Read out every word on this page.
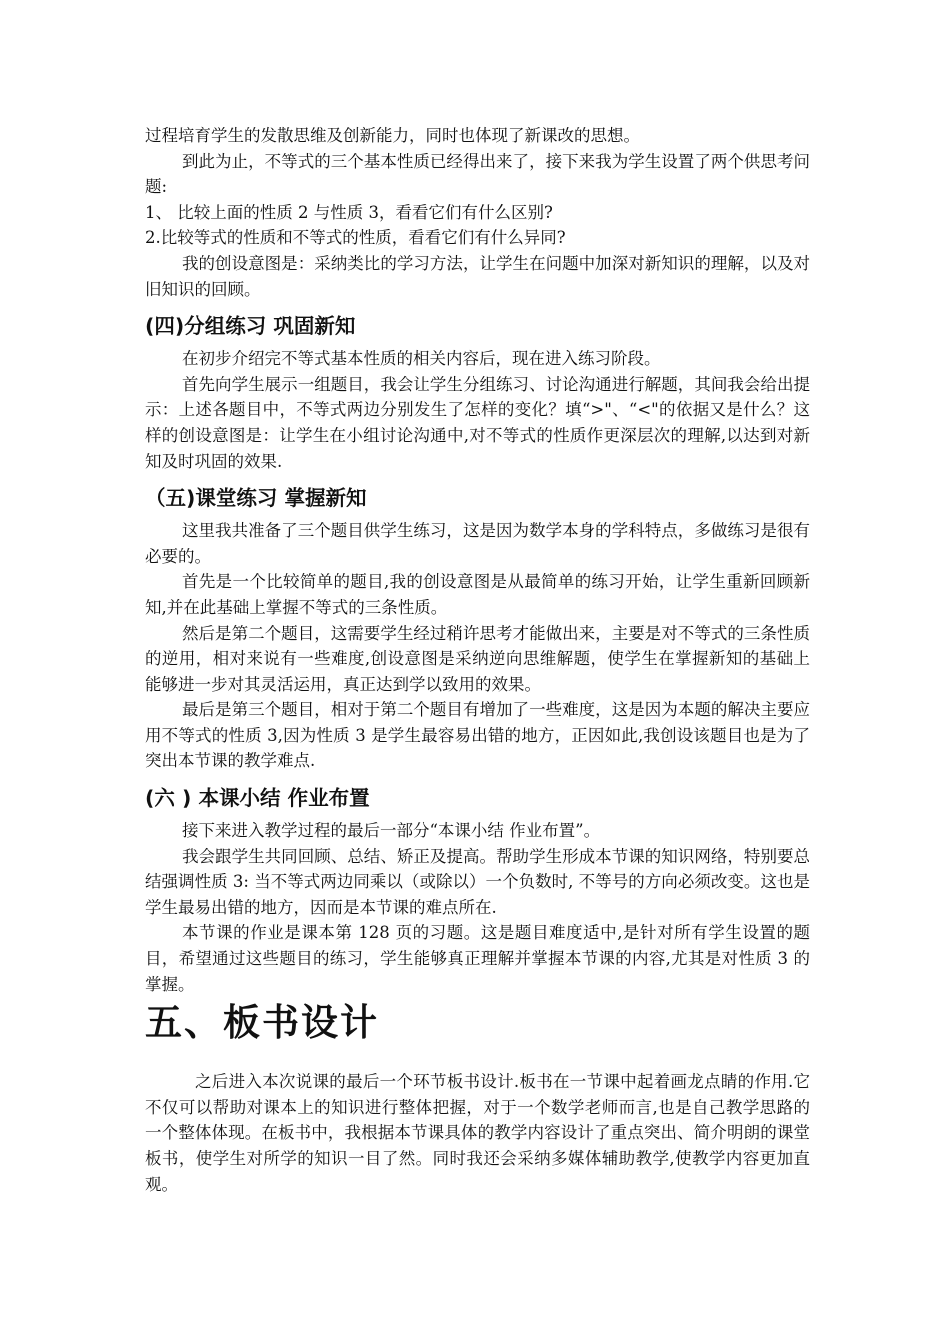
过程培育学生的发散思维及创新能力，同时也体现了新课改的思想。

到此为止，不等式的三个基本性质已经得出来了，接下来我为学生设置了两个供思考问题:

1、 比较上面的性质 2 与性质 3，看看它们有什么区别?

2.比较等式的性质和不等式的性质，看看它们有什么异同?

我的创设意图是：采纳类比的学习方法，让学生在问题中加深对新知识的理解，以及对旧知识的回顾。

(四)分组练习 巩固新知

在初步介绍完不等式基本性质的相关内容后，现在进入练习阶段。

首先向学生展示一组题目，我会让学生分组练习、讨论沟通进行解题，其间我会给出提示：上述各题目中，不等式两边分别发生了怎样的变化？填“>"、“<"的依据又是什么？这样的创设意图是：让学生在小组讨论沟通中,对不等式的性质作更深层次的理解,以达到对新知及时巩固的效果.

（五)课堂练习 掌握新知

这里我共准备了三个题目供学生练习，这是因为数学本身的学科特点，多做练习是很有必要的。

首先是一个比较简单的题目,我的创设意图是从最简单的练习开始，让学生重新回顾新知,并在此基础上掌握不等式的三条性质。

然后是第二个题目，这需要学生经过稍许思考才能做出来，主要是对不等式的三条性质的逆用，相对来说有一些难度,创设意图是采纳逆向思维解题，使学生在掌握新知的基础上能够进一步对其灵活运用，真正达到学以致用的效果。

最后是第三个题目，相对于第二个题目有增加了一些难度，这是因为本题的解决主要应用不等式的性质 3,因为性质 3 是学生最容易出错的地方，正因如此,我创设该题目也是为了突出本节课的教学难点.

(六 ) 本课小结 作业布置

接下来进入教学过程的最后一部分“本课小结 作业布置”。

我会跟学生共同回顾、总结、矫正及提高。帮助学生形成本节课的知识网络，特别要总结强调性质 3: 当不等式两边同乘以（或除以）一个负数时, 不等号的方向必须改变。这也是学生最易出错的地方，因而是本节课的难点所在.

本节课的作业是课本第 128 页的习题。这是题目难度适中,是针对所有学生设置的题目，希望通过这些题目的练习，学生能够真正理解并掌握本节课的内容,尤其是对性质 3 的掌握。

五、板书设计

之后进入本次说课的最后一个环节板书设计.板书在一节课中起着画龙点睛的作用.它不仅可以帮助对课本上的知识进行整体把握，对于一个数学老师而言,也是自己教学思路的一个整体体现。在板书中，我根据本节课具体的教学内容设计了重点突出、简介明朗的课堂板书，使学生对所学的知识一目了然。同时我还会采纳多媒体辅助教学,使教学内容更加直观。
